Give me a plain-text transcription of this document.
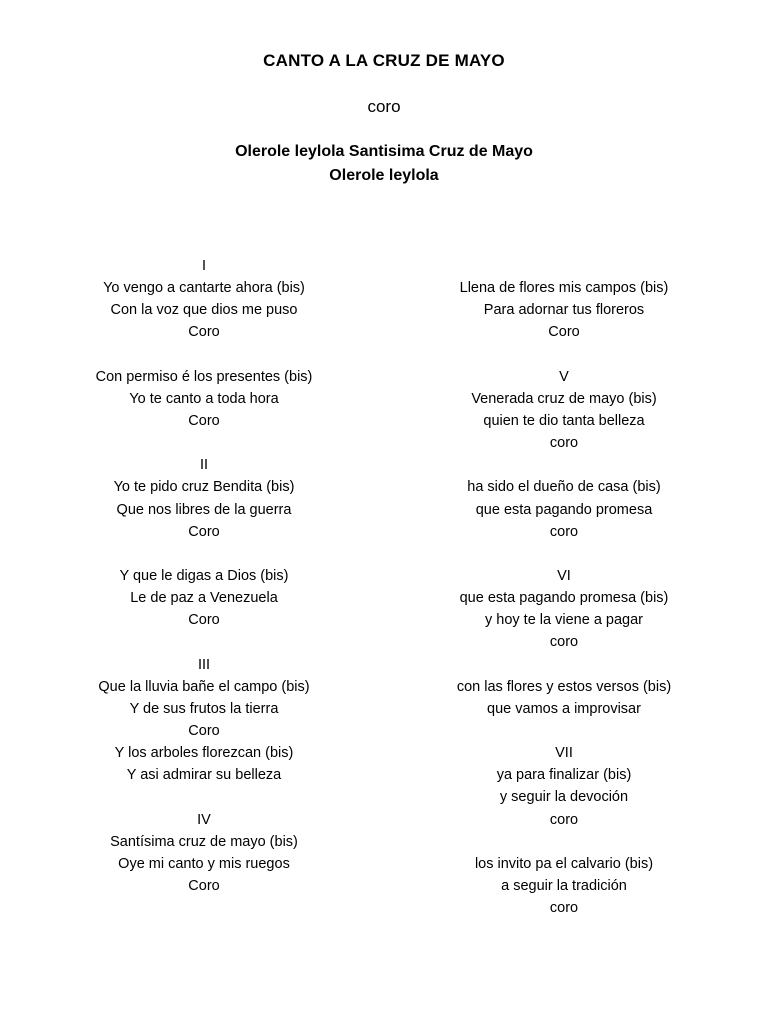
CANTO A LA CRUZ DE MAYO
coro
Olerole leylola Santisima Cruz de Mayo
Olerole leylola
I
Yo vengo a cantarte ahora (bis)
Con la voz que dios me puso
Coro
Con permiso é los presentes (bis)
Yo te canto a toda hora
Coro
II
Yo te pido cruz Bendita (bis)
Que nos libres de la guerra
Coro
Y que le digas a Dios (bis)
Le de paz a Venezuela
Coro
III
Que la lluvia bañe el campo (bis)
Y de sus frutos la tierra
Coro
Y los arboles florezcan (bis)
Y asi admirar su belleza
IV
Santísima cruz de mayo (bis)
Oye mi canto y mis ruegos
Coro
Llena de flores mis campos (bis)
Para adornar tus floreros
Coro
V
Venerada cruz de mayo (bis)
quien te dio tanta belleza
coro
ha sido el dueño de casa (bis)
que esta pagando promesa
coro
VI
que esta pagando promesa (bis)
y hoy te la viene a pagar
coro
con las flores y estos versos (bis)
que vamos a improvisar
VII
ya para finalizar (bis)
y seguir la devoción
coro
los invito pa el calvario (bis)
a seguir la tradición
coro
